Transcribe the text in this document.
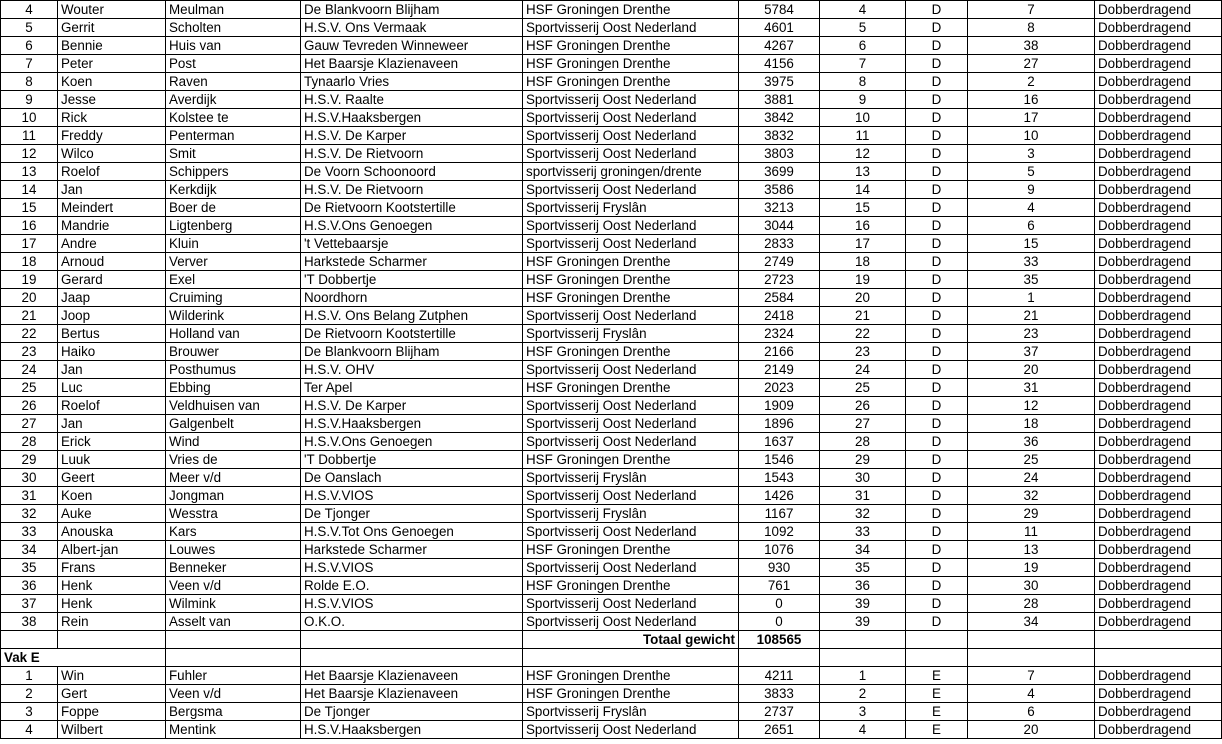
4	Wouter	Meulman	De Blankvoorn Blijham	HSF Groningen Drenthe	5784	4	D	7	Dobberdragend
5	Gerrit	Scholten	H.S.V. Ons Vermaak	Sportvisserij Oost Nederland	4601	5	D	8	Dobberdragend
6	Bennie	Huis van	Gauw Tevreden Winneweer	HSF Groningen Drenthe	4267	6	D	38	Dobberdragend
7	Peter	Post	Het Baarsje Klazienaveen	HSF Groningen Drenthe	4156	7	D	27	Dobberdragend
8	Koen	Raven	Tynaarlo Vries	HSF Groningen Drenthe	3975	8	D	2	Dobberdragend
9	Jesse	Averdijk	H.S.V. Raalte	Sportvisserij Oost Nederland	3881	9	D	16	Dobberdragend
10	Rick	Kolstee te	H.S.V.Haaksbergen	Sportvisserij Oost Nederland	3842	10	D	17	Dobberdragend
11	Freddy	Penterman	H.S.V. De Karper	Sportvisserij Oost Nederland	3832	11	D	10	Dobberdragend
12	Wilco	Smit	H.S.V. De Rietvoorn	Sportvisserij Oost Nederland	3803	12	D	3	Dobberdragend
13	Roelof	Schippers	De Voorn Schoonoord	sportvisserij groningen/drente	3699	13	D	5	Dobberdragend
14	Jan	Kerkdijk	H.S.V. De Rietvoorn	Sportvisserij Oost Nederland	3586	14	D	9	Dobberdragend
15	Meindert	Boer de	De Rietvoorn Kootstertille	Sportvisserij Fryslân	3213	15	D	4	Dobberdragend
16	Mandrie	Ligtenberg	H.S.V.Ons Genoegen	Sportvisserij Oost Nederland	3044	16	D	6	Dobberdragend
17	Andre	Kluin	't Vettebaarsje	Sportvisserij Oost Nederland	2833	17	D	15	Dobberdragend
18	Arnoud	Verver	Harkstede Scharmer	HSF Groningen Drenthe	2749	18	D	33	Dobberdragend
19	Gerard	Exel	'T Dobbertje	HSF Groningen Drenthe	2723	19	D	35	Dobberdragend
20	Jaap	Cruiming	Noordhorn	HSF Groningen Drenthe	2584	20	D	1	Dobberdragend
21	Joop	Wilderink	H.S.V. Ons Belang Zutphen	Sportvisserij Oost Nederland	2418	21	D	21	Dobberdragend
22	Bertus	Holland van	De Rietvoorn Kootstertille	Sportvisserij Fryslân	2324	22	D	23	Dobberdragend
23	Haiko	Brouwer	De Blankvoorn Blijham	HSF Groningen Drenthe	2166	23	D	37	Dobberdragend
24	Jan	Posthumus	H.S.V. OHV	Sportvisserij Oost Nederland	2149	24	D	20	Dobberdragend
25	Luc	Ebbing	Ter Apel	HSF Groningen Drenthe	2023	25	D	31	Dobberdragend
26	Roelof	Veldhuisen van	H.S.V. De Karper	Sportvisserij Oost Nederland	1909	26	D	12	Dobberdragend
27	Jan	Galgenbelt	H.S.V.Haaksbergen	Sportvisserij Oost Nederland	1896	27	D	18	Dobberdragend
28	Erick	Wind	H.S.V.Ons Genoegen	Sportvisserij Oost Nederland	1637	28	D	36	Dobberdragend
29	Luuk	Vries de	'T Dobbertje	HSF Groningen Drenthe	1546	29	D	25	Dobberdragend
30	Geert	Meer v/d	De Oanslach	Sportvisserij Fryslân	1543	30	D	24	Dobberdragend
31	Koen	Jongman	H.S.V.VIOS	Sportvisserij Oost Nederland	1426	31	D	32	Dobberdragend
32	Auke	Wesstra	De Tjonger	Sportvisserij Fryslân	1167	32	D	29	Dobberdragend
33	Anouska	Kars	H.S.V.Tot Ons Genoegen	Sportvisserij Oost Nederland	1092	33	D	11	Dobberdragend
34	Albert-jan	Louwes	Harkstede Scharmer	HSF Groningen Drenthe	1076	34	D	13	Dobberdragend
35	Frans	Benneker	H.S.V.VIOS	Sportvisserij Oost Nederland	930	35	D	19	Dobberdragend
36	Henk	Veen v/d	Rolde E.O.	HSF Groningen Drenthe	761	36	D	30	Dobberdragend
37	Henk	Wilmink	H.S.V.VIOS	Sportvisserij Oost Nederland	0	39	D	28	Dobberdragend
38	Rein	Asselt van	O.K.O.	Sportvisserij Oost Nederland	0	39	D	34	Dobberdragend
				Totaal gewicht	108565				
Vak E									
1	Win	Fuhler	Het Baarsje Klazienaveen	HSF Groningen Drenthe	4211	1	E	7	Dobberdragend
2	Gert	Veen v/d	Het Baarsje Klazienaveen	HSF Groningen Drenthe	3833	2	E	4	Dobberdragend
3	Foppe	Bergsma	De Tjonger	Sportvisserij Fryslân	2737	3	E	6	Dobberdragend
4	Wilbert	Mentink	H.S.V.Haaksbergen	Sportvisserij Oost Nederland	2651	4	E	20	Dobberdragend
